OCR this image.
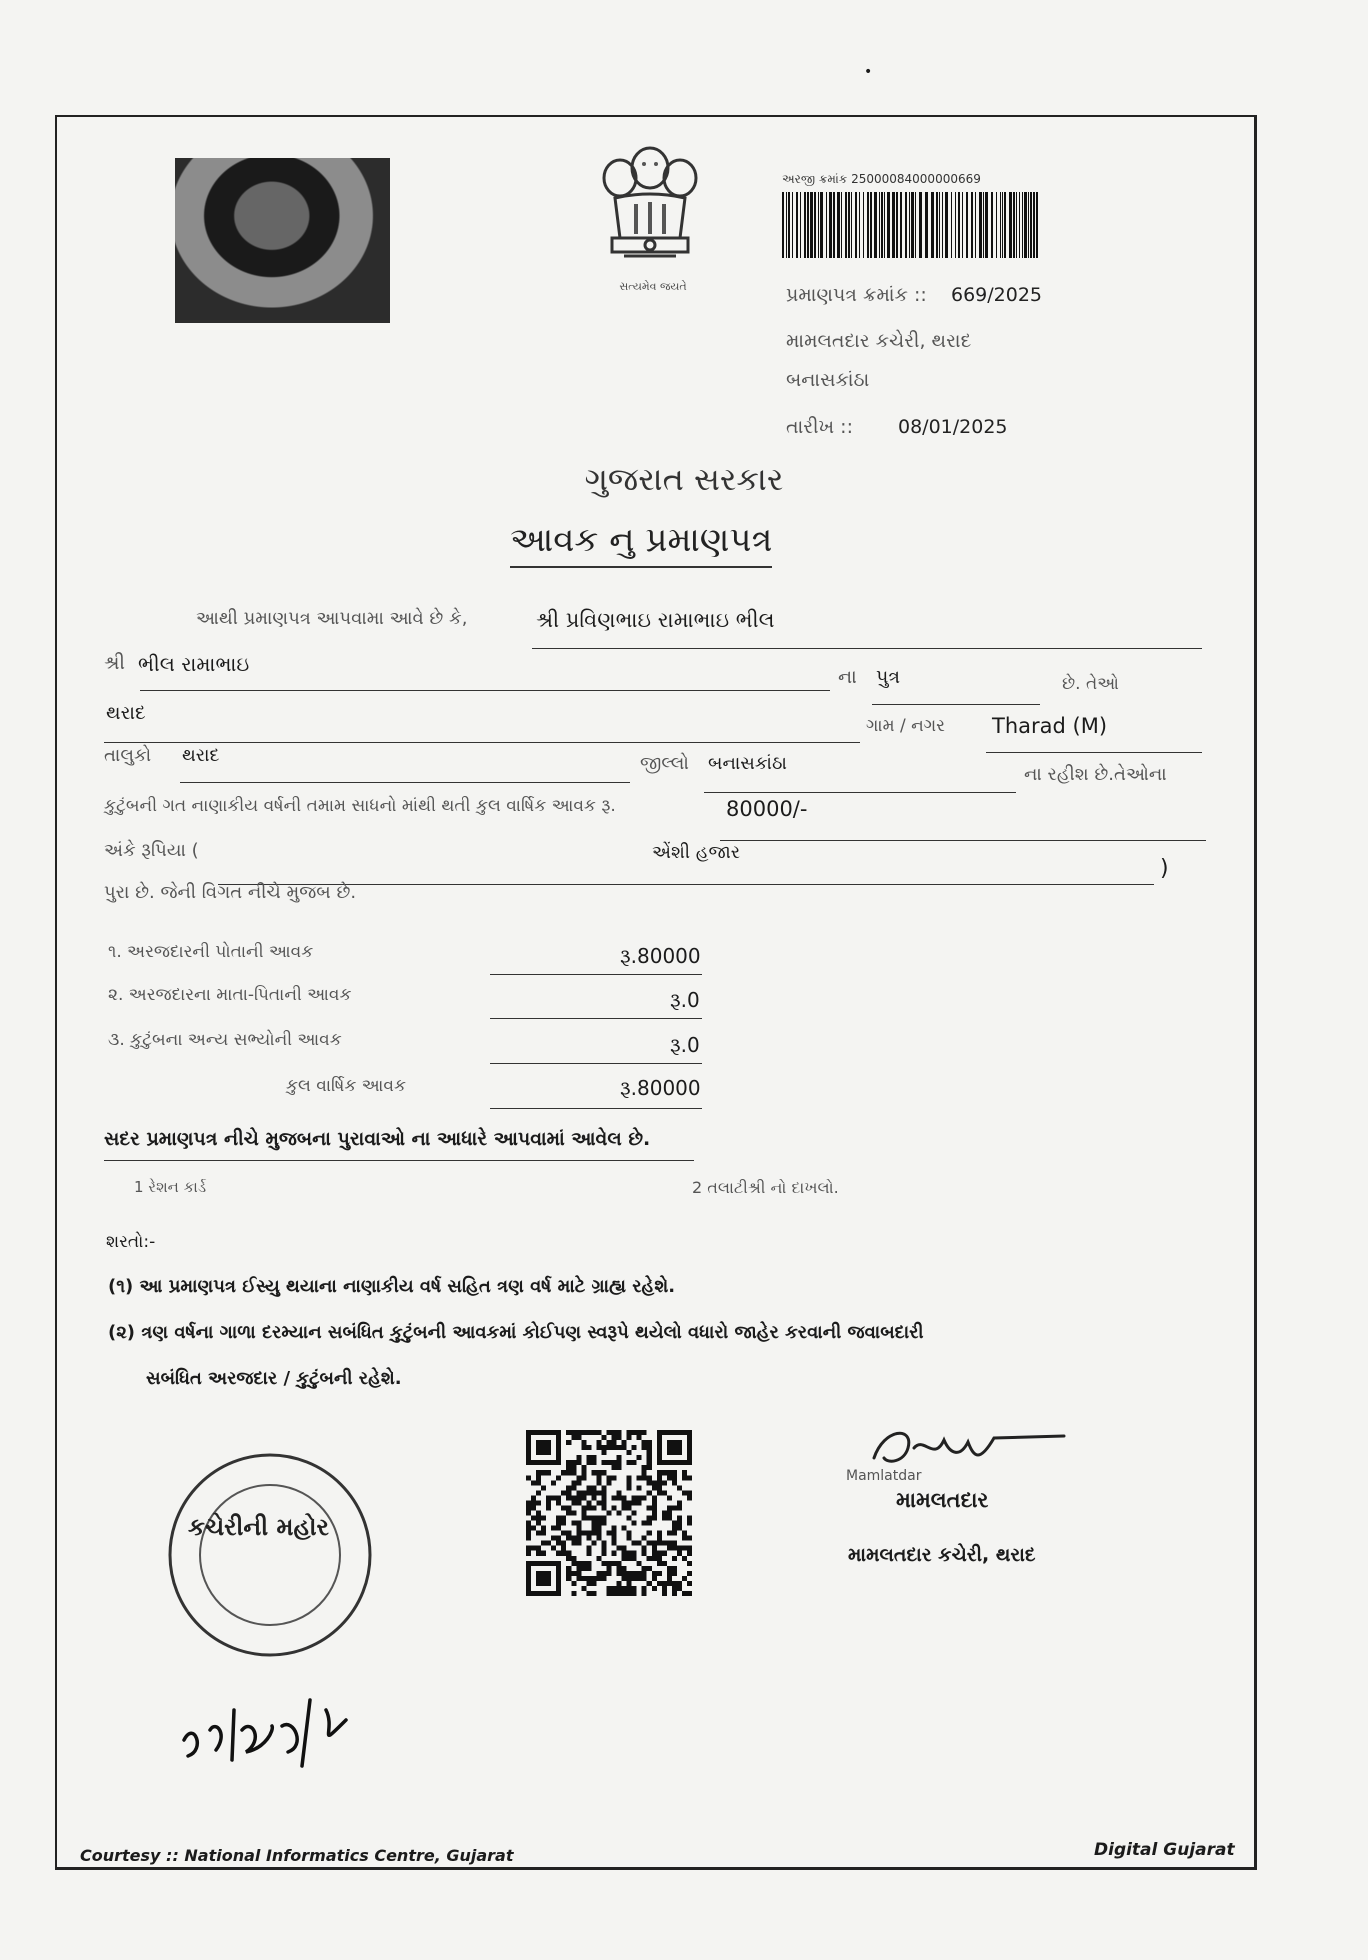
•
સત્યમેવ જયતે
અરજી ક્રમાંક 25000084000000669
પ્રમાણપત્ર ક્રમાંક :: 669/2025
મામલતદાર કચેરી, થરાદ
બનાસકાંઠા
તારીખ :: 08/01/2025
ગુજરાત સરકાર
આવક નુ પ્રમાણપત્ર
આથી પ્રમાણપત્ર આપવામા આવે છે કે,	શ્રી પ્રવિણભાઇ રામાભાઇ ભીલ
શ્રી ભીલ રામાભાઇ
ના પુત્ર	છે. તેઓ
થરાદ
ગામ / નગર Tharad (M)
તાલુકો થરાદ	જીલ્લો બનાસકાંઠા
ના રહીશ છે.તેઓના
કુટુંબની ગત નાણાકીય વર્ષની તમામ સાધનો માંથી થતી કુલ વાર્ષિક આવક રૂ.	80000/-
અંકે રૂપિયા (	એંશી હજાર
)
પુરા છે. જેની વિગત નીચે મુજબ છે.
૧. અરજદારની પોતાની આવક	રૂ.80000
૨. અરજદારના માતા-પિતાની આવક	રૂ.0
૩. કુટુંબના અન્ય સભ્યોની આવક	રૂ.0
કુલ વાર્ષિક આવક	રૂ.80000
સદર પ્રમાણપત્ર નીચે મુજબના પુરાવાઓ ના આધારે આપવામાં આવેલ છે.
1 રેશન કાર્ડ	2 તલાટીશ્રી નો દાખલો.
શરતો:-
(૧) આ પ્રમાણપત્ર ઈસ્યુ થયાના નાણાકીય વર્ષ સહિત ત્રણ વર્ષ માટે ગ્રાહ્ય રહેશે.
(૨) ત્રણ વર્ષના ગાળા દરમ્યાન સબંધિત કુટુંબની આવકમાં કોઈપણ સ્વરૂપે થયેલો વધારો જાહેર કરવાની જવાબદારી
સબંધિત અરજદાર / કુટુંબની રહેશે.
કચેરીની મહોર
Mamlatdar
મામલતદાર
મામલતદાર કચેરી, થરાદ
Courtesy :: National Informatics Centre, Gujarat	Digital Gujarat
